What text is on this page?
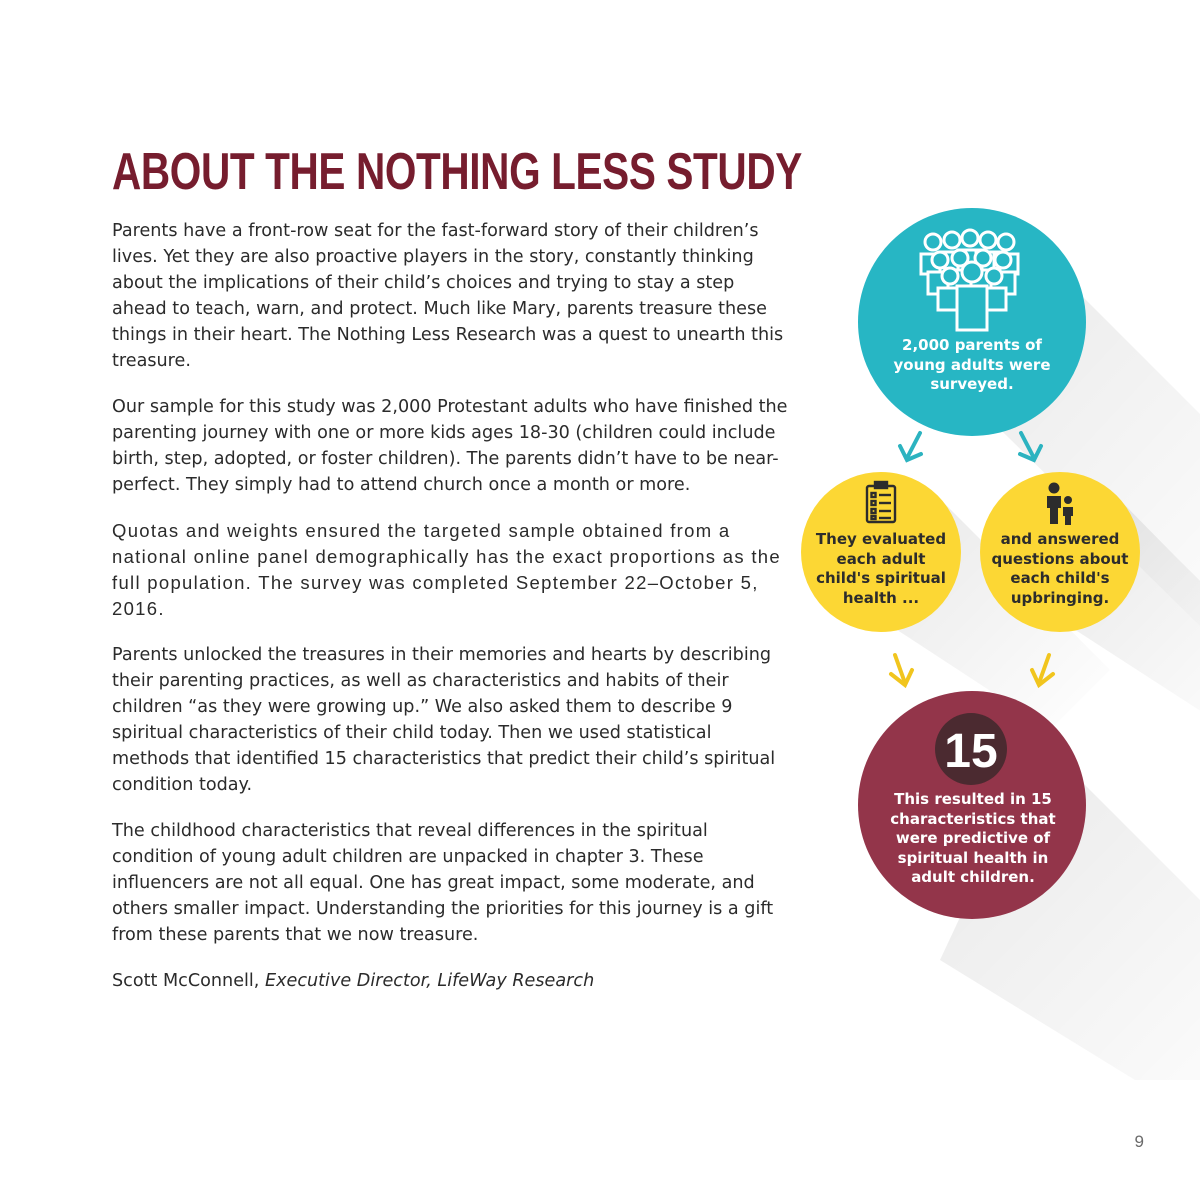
ABOUT THE NOTHING LESS STUDY

Parents have a front-row seat for the fast-forward story of their children’s lives. Yet they are also proactive players in the story, constantly thinking about the implications of their child’s choices and trying to stay a step ahead to teach, warn, and protect. Much like Mary, parents treasure these things in their heart. The Nothing Less Research was a quest to unearth this treasure.

Our sample for this study was 2,000 Protestant adults who have finished the parenting journey with one or more kids ages 18-30 (children could include birth, step, adopted, or foster children). The parents didn’t have to be near-perfect. They simply had to attend church once a month or more.

Quotas and weights ensured the targeted sample obtained from a national online panel demographically has the exact proportions as the full population. The survey was completed September 22–October 5, 2016.

Parents unlocked the treasures in their memories and hearts by describing their parenting practices, as well as characteristics and habits of their children “as they were growing up.” We also asked them to describe 9 spiritual characteristics of their child today. Then we used statistical methods that identified 15 characteristics that predict their child’s spiritual condition today.

The childhood characteristics that reveal differences in the spiritual condition of young adult children are unpacked in chapter 3. These influencers are not all equal. One has great impact, some moderate, and others smaller impact. Understanding the priorities for this journey is a gift from these parents that we now treasure.

Scott McConnell, Executive Director, LifeWay Research

9
15
2,000 parents of young adults were surveyed.
They evaluated each adult child's spiritual health ...
and answered questions about each child's upbringing.
This resulted in 15 characteristics that were predictive of spiritual health in adult children.
